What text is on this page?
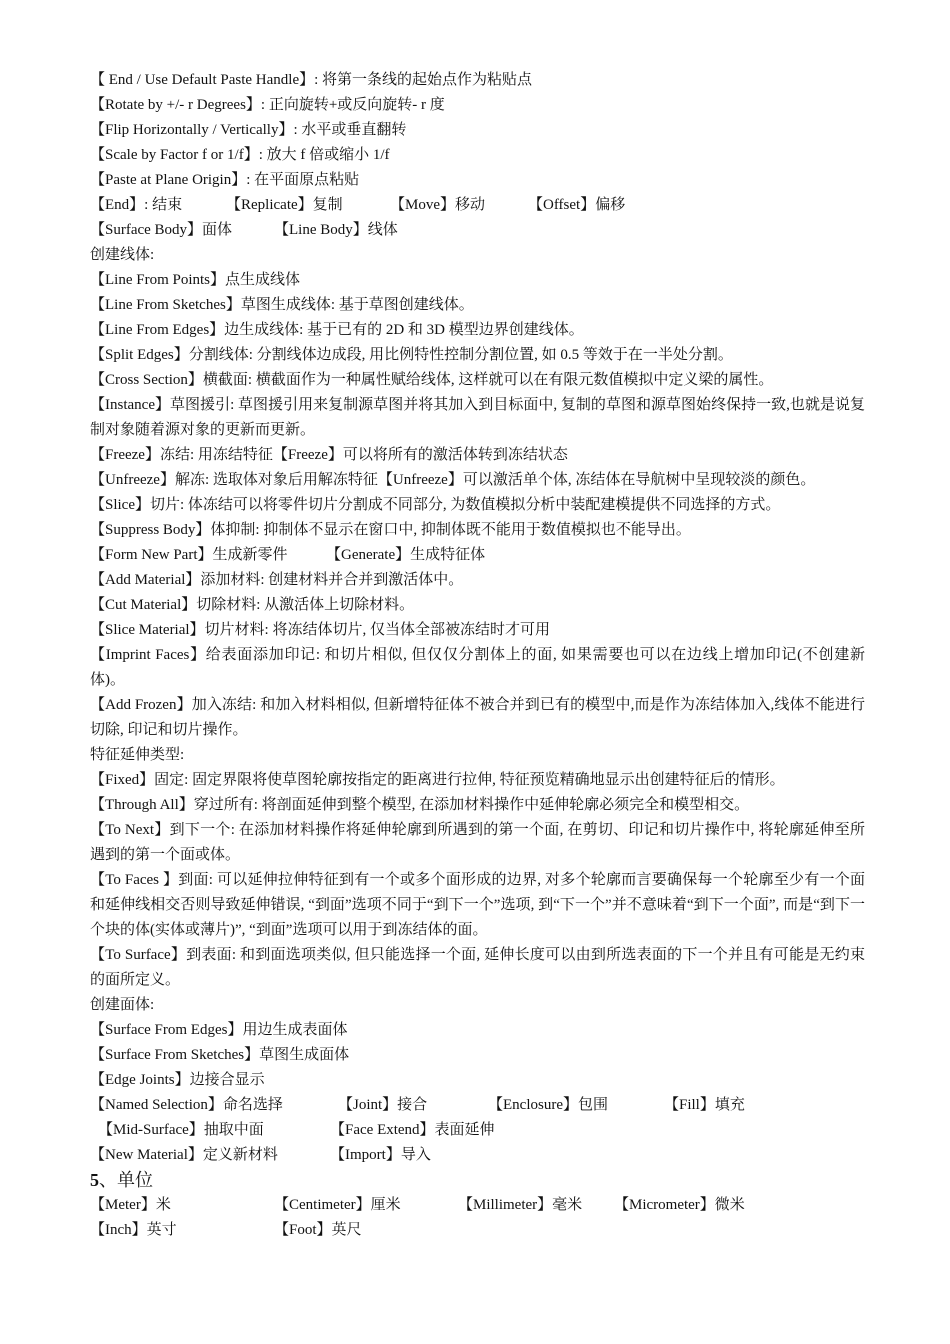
【 End / Use Default Paste Handle】: 将第一条线的起始点作为粘贴点
【Rotate by +/- r Degrees】: 正向旋转+或反向旋转- r 度
【Flip Horizontally / Vertically】: 水平或垂直翻转
【Scale by Factor f or 1/f】: 放大 f 倍或缩小 1/f
【Paste at Plane Origin】: 在平面原点粘贴
【End】: 结束	【Replicate】复制	【Move】移动	【Offset】偏移
【Surface Body】面体	【Line Body】线体
创建线体:
【Line From Points】点生成线体
【Line From Sketches】草图生成线体: 基于草图创建线体。
【Line From Edges】边生成线体: 基于已有的 2D 和 3D 模型边界创建线体。
【Split Edges】分割线体: 分割线体边成段, 用比例特性控制分割位置, 如 0.5 等效于在一半处分割。
【Cross Section】横截面: 横截面作为一种属性赋给线体, 这样就可以在有限元数值模拟中定义梁的属性。
【Instance】草图援引: 草图援引用来复制源草图并将其加入到目标面中, 复制的草图和源草图始终保持一致,也就是说复制对象随着源对象的更新而更新。
【Freeze】冻结: 用冻结特征【Freeze】可以将所有的激活体转到冻结状态
【Unfreeze】解冻: 选取体对象后用解冻特征【Unfreeze】可以激活单个体, 冻结体在导航树中呈现较淡的颜色。
【Slice】切片: 体冻结可以将零件切片分割成不同部分, 为数值模拟分析中装配建模提供不同选择的方式。
【Suppress Body】体抑制: 抑制体不显示在窗口中, 抑制体既不能用于数值模拟也不能导出。
【Form New Part】生成新零件	【Generate】生成特征体
【Add Material】添加材料: 创建材料并合并到激活体中。
【Cut Material】切除材料: 从激活体上切除材料。
【Slice Material】切片材料: 将冻结体切片, 仅当体全部被冻结时才可用
【Imprint Faces】给表面添加印记: 和切片相似, 但仅仅分割体上的面, 如果需要也可以在边线上增加印记(不创建新体)。
【Add Frozen】加入冻结: 和加入材料相似, 但新增特征体不被合并到已有的模型中,而是作为冻结体加入,线体不能进行切除, 印记和切片操作。
特征延伸类型:
【Fixed】固定: 固定界限将使草图轮廓按指定的距离进行拉伸, 特征预览精确地显示出创建特征后的情形。
【Through All】穿过所有: 将剖面延伸到整个模型, 在添加材料操作中延伸轮廓必须完全和模型相交。
【To Next】到下一个: 在添加材料操作将延伸轮廓到所遇到的第一个面, 在剪切、印记和切片操作中, 将轮廓延伸至所遇到的第一个面或体。
【To Faces 】到面: 可以延伸拉伸特征到有一个或多个面形成的边界, 对多个轮廓而言要确保每一个轮廓至少有一个面和延伸线相交否则导致延伸错误, “到面”选项不同于“到下一个”选项, 到“下一个”并不意味着“到下一个面”, 而是“到下一个块的体(实体或薄片)”, “到面”选项可以用于到冻结体的面。
【To Surface】到表面: 和到面选项类似, 但只能选择一个面, 延伸长度可以由到所选表面的下一个并且有可能是无约束的面所定义。
创建面体:
【Surface From Edges】用边生成表面体
【Surface From Sketches】草图生成面体
【Edge Joints】边接合显示
【Named Selection】命名选择	【Joint】接合	【Enclosure】包围	【Fill】填充
【Mid-Surface】抽取中面	【Face Extend】表面延伸
【New Material】定义新材料	【Import】导入
5、单位
【Meter】米	【Centimeter】厘米	【Millimeter】毫米 【Micrometer】微米
【Inch】英寸	【Foot】英尺
